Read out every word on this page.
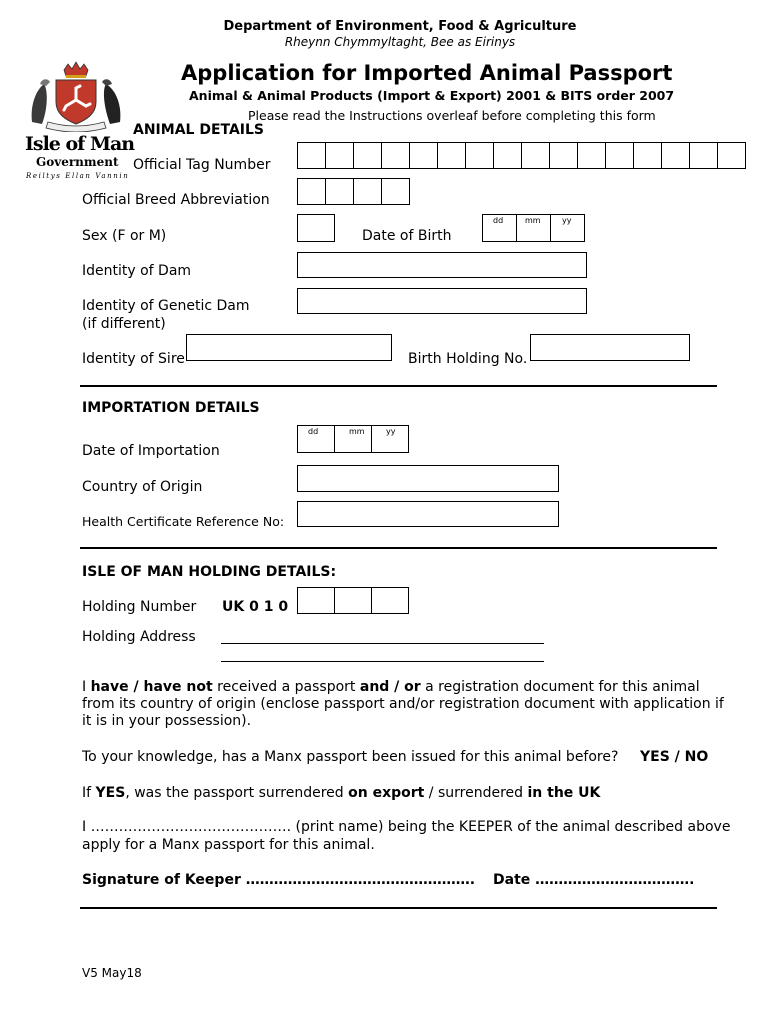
Department of Environment, Food & Agriculture
Rheynn Chymmyltaght, Bee as Eirinys
Application for Imported Animal Passport
Animal & Animal Products (Import & Export) 2001 & BITS order 2007
Please read the Instructions overleaf before completing this form
Isle of Man
Government
Reiltys Ellan Vannin
ANIMAL DETAILS
Official Tag Number
Official Breed Abbreviation
Sex (F or M)	Date of Birth
dd	mm	yy
Identity of Dam
Identity of Genetic Dam
(if different)
Identity of Sire	Birth Holding No.
IMPORTATION DETAILS
Date of Importation
dd	mm	yy
Country of Origin
Health Certificate Reference No:
ISLE OF MAN HOLDING DETAILS:
Holding Number UK 0 1 0
Holding Address
I have / have not received a passport and / or a registration document for this animal
from its country of origin (enclose passport and/or registration document with application if
it is in your possession).
To your knowledge, has a Manx passport been issued for this animal before? YES / NO
If YES, was the passport surrendered on export / surrendered in the UK
I ……………………………………. (print name) being the KEEPER of the animal described above
apply for a Manx passport for this animal.
Signature of Keeper …………………………………………. Date …………………………….
V5 May18
